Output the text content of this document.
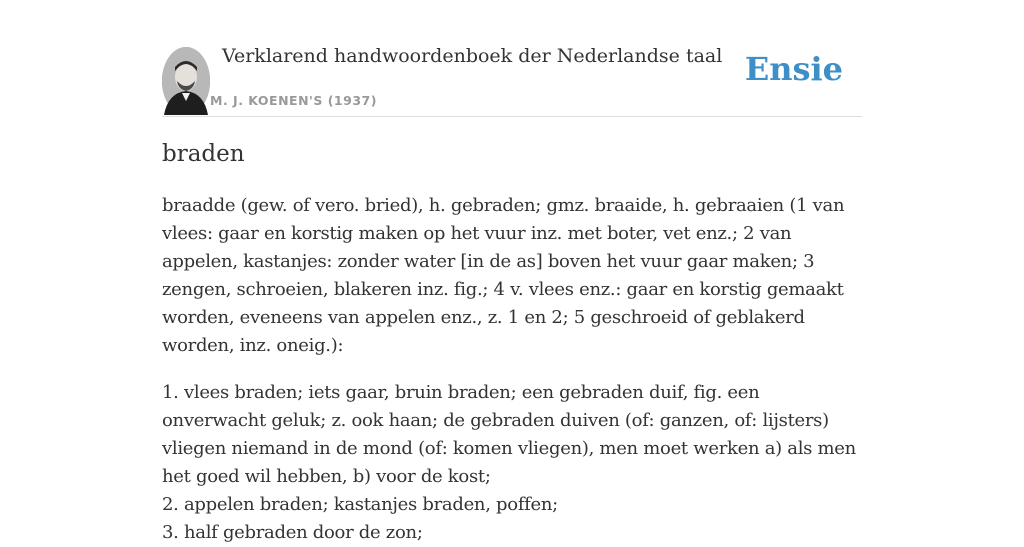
Verklarend handwoordenboek der Nederlandse taal
M. J. KOENEN'S (1937)
Ensie
braden

braadde (gew. of vero. bried), h. gebraden; gmz. braaide, h. gebraaien (1 van vlees: gaar en korstig maken op het vuur inz. met boter, vet enz.; 2 van appelen, kastanjes: zonder water [in de as] boven het vuur gaar maken; 3 zengen, schroeien, blakeren inz. fig.; 4 v. vlees enz.: gaar en korstig gemaakt worden, eveneens van appelen enz., z. 1 en 2; 5 geschroeid of geblakerd worden, inz. oneig.):

1. vlees braden; iets gaar, bruin braden; een gebraden duif, fig. een onverwacht geluk; z. ook haan; de gebraden duiven (of: ganzen, of: lijsters) vliegen niemand in de mond (of: komen vliegen), men moet werken a) als men het goed wil hebben, b) voor de kost;
2. appelen braden; kastanjes braden, poffen;
3. half gebraden door de zon;
